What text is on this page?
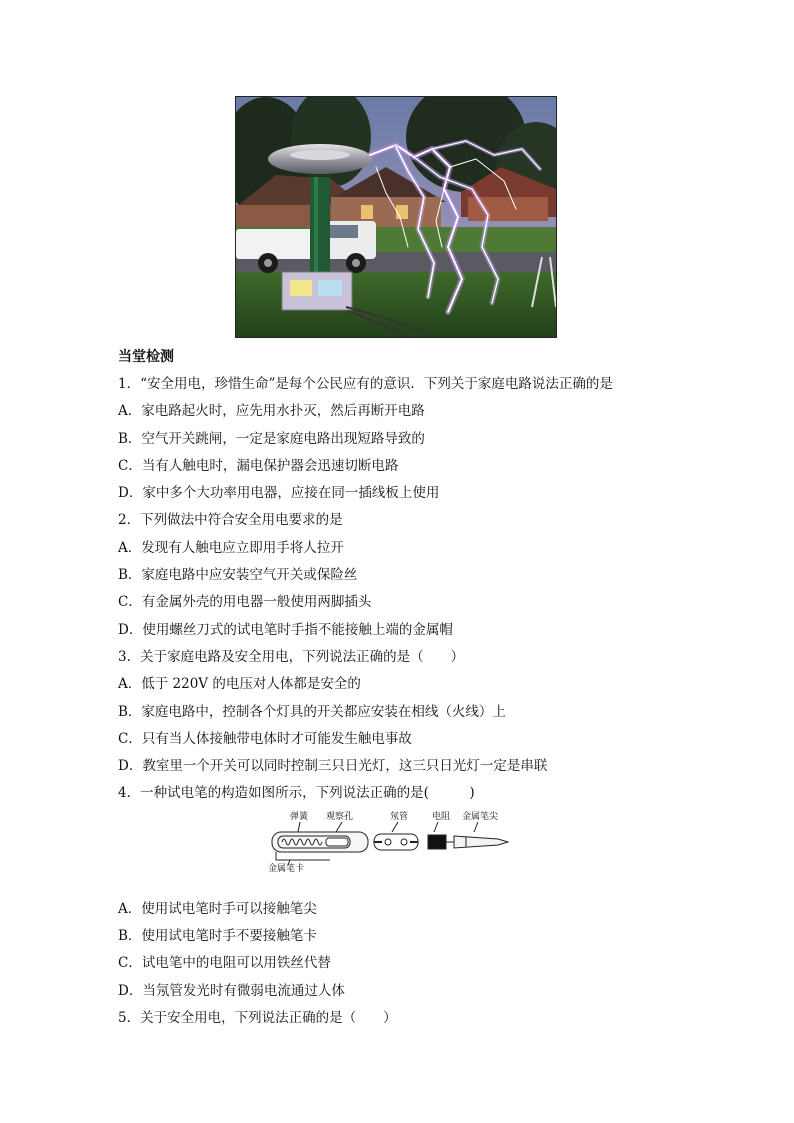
当堂检测
1．“安全用电，珍惜生命”是每个公民应有的意识．下列关于家庭电路说法正确的是
A．家电路起火时，应先用水扑灭，然后再断开电路
B．空气开关跳闸，一定是家庭电路出现短路导致的
C．当有人触电时，漏电保护器会迅速切断电路
D．家中多个大功率用电器，应接在同一插线板上使用
2．下列做法中符合安全用电要求的是
A．发现有人触电应立即用手将人拉开
B．家庭电路中应安装空气开关或保险丝
C．有金属外壳的用电器一般使用两脚插头
D．使用螺丝刀式的试电笔时手指不能接触上端的金属帽
3．关于家庭电路及安全用电，下列说法正确的是（　　）
A．低于 220V 的电压对人体都是安全的
B．家庭电路中，控制各个灯具的开关都应安装在相线（火线）上
C．只有当人体接触带电体时才可能发生触电事故
D．教室里一个开关可以同时控制三只日光灯，这三只日光灯一定是串联
4．一种试电笔的构造如图所示，下列说法正确的是(　　　)
弹簧 观察孔	氖管	电阻 金属笔尖
金属笔卡
A．使用试电笔时手可以接触笔尖
B．使用试电笔时手不要接触笔卡
C．试电笔中的电阻可以用铁丝代替
D．当氖管发光时有微弱电流通过人体
5．关于安全用电，下列说法正确的是（　　）
